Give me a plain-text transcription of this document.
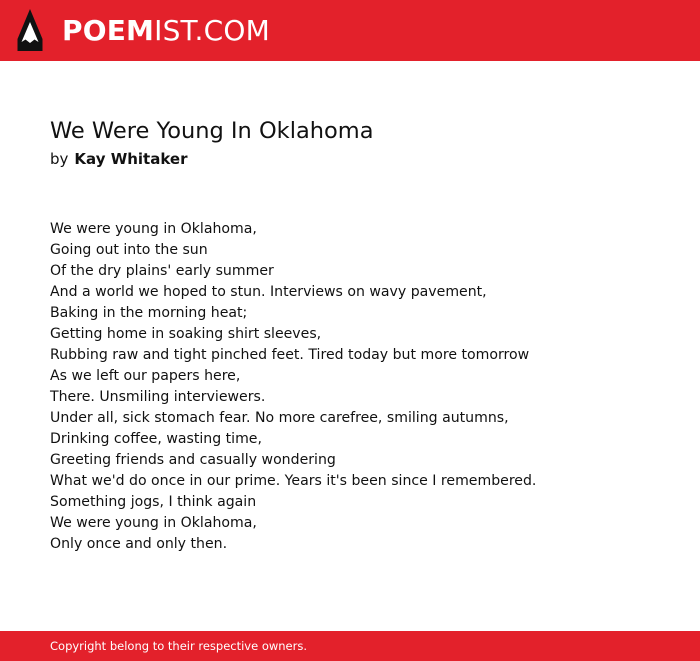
POEMIST.COM
We Were Young In Oklahoma
by Kay Whitaker
We were young in Oklahoma,
Going out into the sun
Of the dry plains' early summer
And a world we hoped to stun. Interviews on wavy pavement,
Baking in the morning heat;
Getting home in soaking shirt sleeves,
Rubbing raw and tight pinched feet. Tired today but more tomorrow
As we left our papers here,
There. Unsmiling interviewers.
Under all, sick stomach fear. No more carefree, smiling autumns,
Drinking coffee, wasting time,
Greeting friends and casually wondering
What we'd do once in our prime. Years it's been since I remembered.
Something jogs, I think again
We were young in Oklahoma,
Only once and only then.
Copyright belong to their respective owners.
